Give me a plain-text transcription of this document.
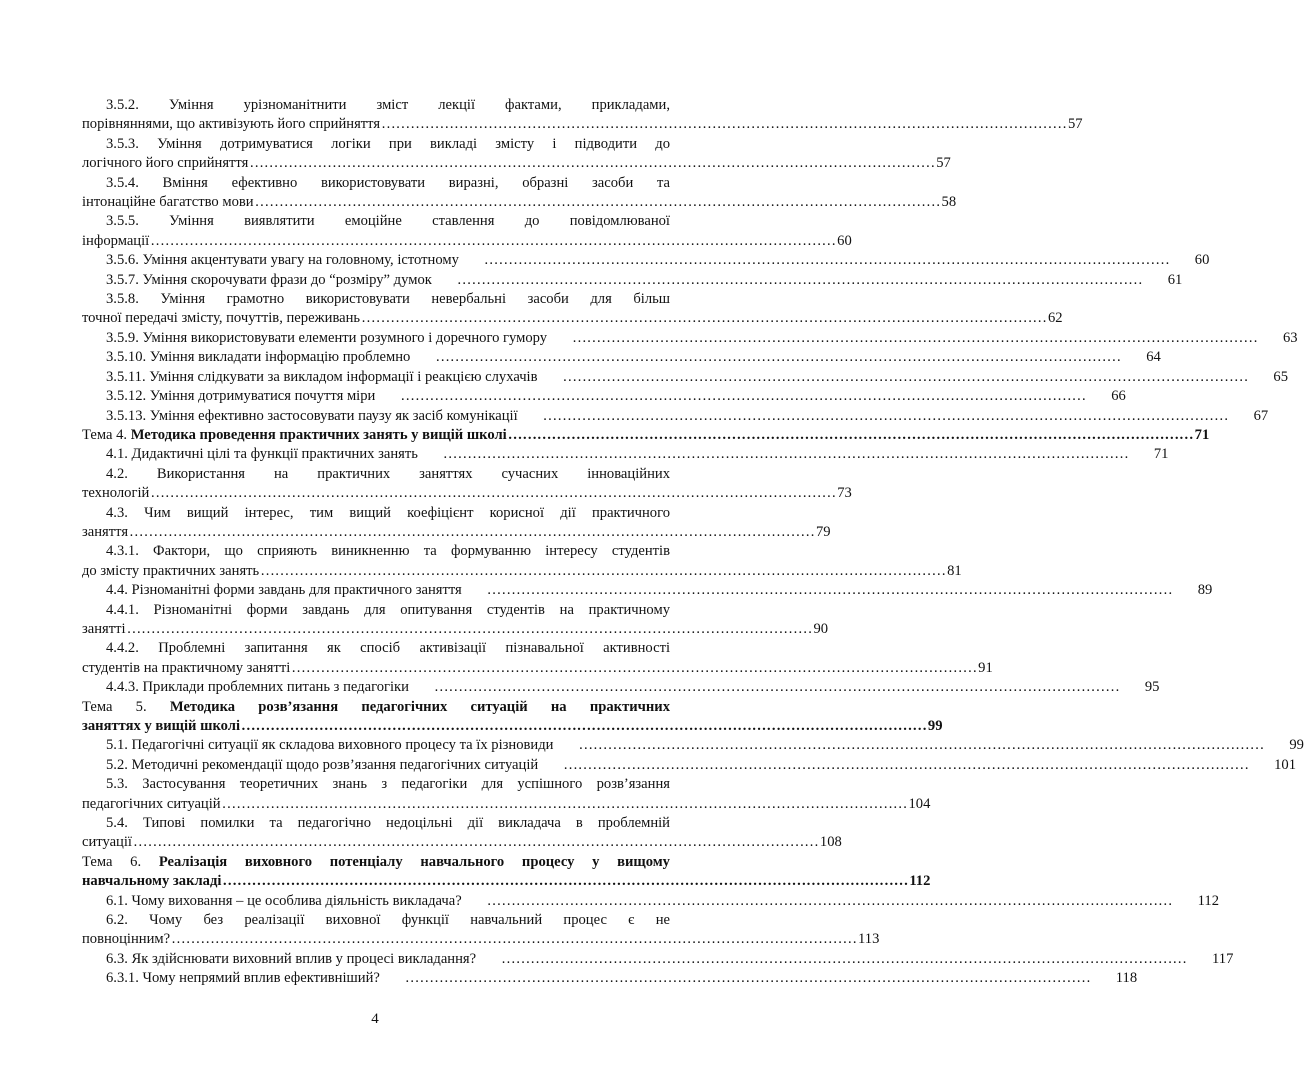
3.5.2. Уміння урізноманітнити зміст лекції фактами, прикладами,
порівняннями, що активізують його сприйняття ……………………………………………………………………………………………………………………………	57
3.5.3. Уміння дотримуватися логіки при викладі змісту і підводити до
логічного його сприйняття ……………………………………………………………………………………………………………………………	57
3.5.4. Вміння ефективно використовувати виразні, образні засоби та
інтонаційне багатство мови ……………………………………………………………………………………………………………………………	58
3.5.5. Уміння виявлятити емоційне ставлення до повідомлюваної
інформації ……………………………………………………………………………………………………………………………	60
3.5.6. Уміння акцентувати увагу на головному, істотному ……………………………………………………………………………………………………………………………	60
3.5.7. Уміння скорочувати фрази до “розміру” думок ……………………………………………………………………………………………………………………………	61
3.5.8. Уміння грамотно використовувати невербальні засоби для більш
точної передачі змісту, почуттів, переживань ……………………………………………………………………………………………………………………………	62
3.5.9. Уміння використовувати елементи розумного і доречного гумору ……………………………………………………………………………………………………………………………	63
3.5.10. Уміння викладати інформацію проблемно ……………………………………………………………………………………………………………………………	64
3.5.11. Уміння слідкувати за викладом інформації і реакцією слухачів ……………………………………………………………………………………………………………………………	65
3.5.12. Уміння дотримуватися почуття міри ……………………………………………………………………………………………………………………………	66
3.5.13. Уміння ефективно застосовувати паузу як засіб комунікації ……………………………………………………………………………………………………………………………	67
Тема 4. Методика проведення практичних занять у вищій школі ……………………………………………………………………………………………………………………………	71
4.1. Дидактичні цілі та функції практичних занять ……………………………………………………………………………………………………………………………	71
4.2. Використання на практичних заняттях сучасних інноваційних
технологій ……………………………………………………………………………………………………………………………	73
4.3. Чим вищий інтерес, тим вищий коефіцієнт корисної дії практичного
заняття ……………………………………………………………………………………………………………………………	79
4.3.1. Фактори, що сприяють виникненню та формуванню інтересу студентів
до змісту практичних занять ……………………………………………………………………………………………………………………………	81
4.4. Різноманітні форми завдань для практичного заняття ……………………………………………………………………………………………………………………………	89
4.4.1. Різноманітні форми завдань для опитування студентів на практичному
занятті ……………………………………………………………………………………………………………………………	90
4.4.2. Проблемні запитання як спосіб активізації пізнавальної активності
студентів на практичному занятті ……………………………………………………………………………………………………………………………	91
4.4.3. Приклади проблемних питань з педагогіки ……………………………………………………………………………………………………………………………	95
Тема 5. Методика розв’язання педагогічних ситуацій на практичних
заняттях у вищій школі ……………………………………………………………………………………………………………………………	99
5.1. Педагогічні ситуації як складова виховного процесу та їх різновиди ……………………………………………………………………………………………………………………………	99
5.2. Методичні рекомендації щодо розв’язання педагогічних ситуацій ……………………………………………………………………………………………………………………………	101
5.3. Застосування теоретичних знань з педагогіки для успішного розв’язання
педагогічних ситуацій ……………………………………………………………………………………………………………………………	104
5.4. Типові помилки та педагогічно недоцільні дії викладача в проблемній
ситуації ……………………………………………………………………………………………………………………………	108
Тема 6. Реалізація виховного потенціалу навчального процесу у вищому
навчальному закладі ……………………………………………………………………………………………………………………………	112
6.1. Чому виховання – це особлива діяльність викладача? ……………………………………………………………………………………………………………………………	112
6.2. Чому без реалізації виховної функції навчальний процес є не
повноцінним? ……………………………………………………………………………………………………………………………	113
6.3. Як здійснювати виховний вплив у процесі викладання? ……………………………………………………………………………………………………………………………	117
6.3.1. Чому непрямий вплив ефективніший? ……………………………………………………………………………………………………………………………	118
4
